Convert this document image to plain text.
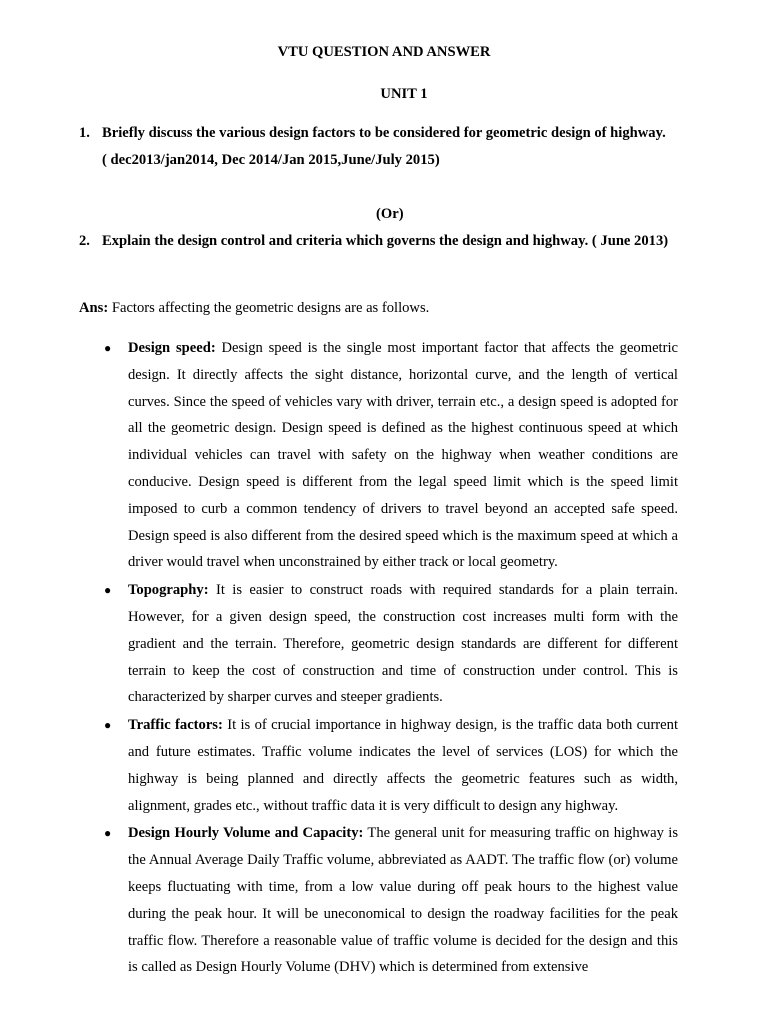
VTU QUESTION AND ANSWER

UNIT 1

1. Briefly discuss the various design factors to be considered for geometric design of highway.
( dec2013/jan2014, Dec 2014/Jan 2015,June/July 2015)

(Or)

2. Explain the design control and criteria which governs the design and highway. ( June 2013)

Ans: Factors affecting the geometric designs are as follows.

● Design speed: Design speed is the single most important factor that affects the geometric design. It directly affects the sight distance, horizontal curve, and the length of vertical curves. Since the speed of vehicles vary with driver, terrain etc., a design speed is adopted for all the geometric design. Design speed is defined as the highest continuous speed at which individual vehicles can travel with safety on the highway when weather conditions are conducive. Design speed is different from the legal speed limit which is the speed limit imposed to curb a common tendency of drivers to travel beyond an accepted safe speed. Design speed is also different from the desired speed which is the maximum speed at which a driver would travel when unconstrained by either track or local geometry.
● Topography: It is easier to construct roads with required standards for a plain terrain. However, for a given design speed, the construction cost increases multi form with the gradient and the terrain. Therefore, geometric design standards are different for different terrain to keep the cost of construction and time of construction under control. This is characterized by sharper curves and steeper gradients.
● Traffic factors: It is of crucial importance in highway design, is the traffic data both current and future estimates. Traffic volume indicates the level of services (LOS) for which the highway is being planned and directly affects the geometric features such as width, alignment, grades etc., without traffic data it is very difficult to design any highway.
● Design Hourly Volume and Capacity: The general unit for measuring traffic on highway is the Annual Average Daily Traffic volume, abbreviated as AADT. The traffic flow (or) volume keeps fluctuating with time, from a low value during off peak hours to the highest value during the peak hour. It will be uneconomical to design the roadway facilities for the peak traffic flow. Therefore a reasonable value of traffic volume is decided for the design and this is called as Design Hourly Volume (DHV) which is determined from extensive
